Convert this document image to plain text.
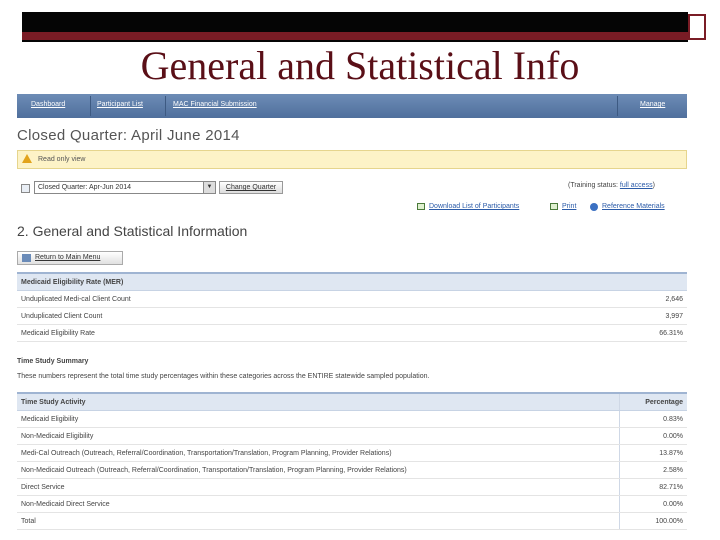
General and Statistical Info
Dashboard	Participant List	MAC Financial Submission	Manage
Closed Quarter: April June 2014
Read only view
Closed Quarter: Apr-Jun 2014	▼	Change Quarter	(Training status: full access)
Download List of Participants	Print	Reference Materials
2. General and Statistical Information
Return to Main Menu
Medicaid Eligibility Rate (MER)
Unduplicated Medi-cal Client Count	2,646
Unduplicated Client Count	3,997
Medicaid Eligibility Rate	66.31%
Time Study Summary
These numbers represent the total time study percentages within these categories across the ENTIRE statewide sampled population.
Time Study Activity	Percentage
Medicaid Eligibility	0.83%
Non-Medicaid Eligibility	0.00%
Medi-Cal Outreach (Outreach, Referral/Coordination, Transportation/Translation, Program Planning, Provider Relations)	13.87%
Non-Medicaid Outreach (Outreach, Referral/Coordination, Transportation/Translation, Program Planning, Provider Relations)	2.58%
Direct Service	82.71%
Non-Medicaid Direct Service	0.00%
Total	100.00%
